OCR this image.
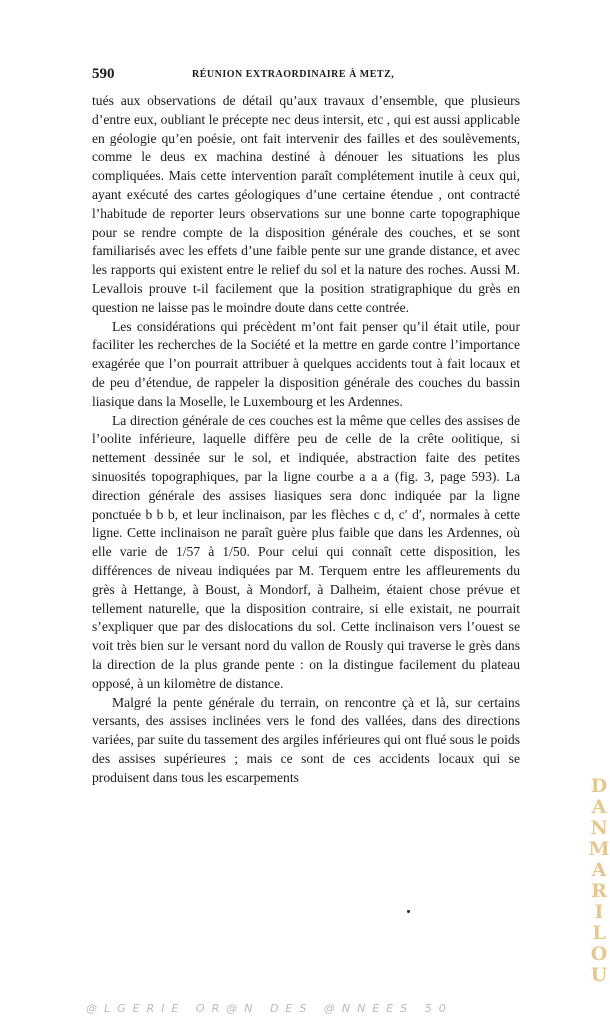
590	RÉUNION EXTRAORDINAIRE À METZ,

tués aux observations de détail qu’aux travaux d’ensemble, que plusieurs d’entre eux, oubliant le précepte nec deus intersit, etc , qui est aussi applicable en géologie qu’en poésie, ont fait intervenir des failles et des soulèvements, comme le deus ex machina destiné à dénouer les situations les plus compliquées. Mais cette intervention paraît complétement inutile à ceux qui, ayant exécuté des cartes géologiques d’une certaine étendue , ont contracté l’habitude de reporter leurs observations sur une bonne carte topographique pour se rendre compte de la disposition générale des couches, et se sont familiarisés avec les effets d’une faible pente sur une grande distance, et avec les rapports qui existent entre le relief du sol et la nature des roches. Aussi M. Levallois prouve t-il facilement que la position stratigraphique du grès en question ne laisse pas le moindre doute dans cette contrée.

Les considérations qui précèdent m’ont fait penser qu’il était utile, pour faciliter les recherches de la Société et la mettre en garde contre l’importance exagérée que l’on pourrait attribuer à quelques accidents tout à fait locaux et de peu d’étendue, de rappeler la disposition générale des couches du bassin liasique dans la Moselle, le Luxembourg et les Ardennes.

La direction générale de ces couches est la même que celles des assises de l’oolite inférieure, laquelle diffère peu de celle de la crête oolitique, si nettement dessinée sur le sol, et indiquée, abstraction faite des petites sinuosités topographiques, par la ligne courbe a a a (fig. 3, page 593). La direction générale des assises liasiques sera donc indiquée par la ligne ponctuée b b b, et leur inclinaison, par les flèches c d, c′ d′, normales à cette ligne. Cette inclinaison ne paraît guère plus faible que dans les Ardennes, où elle varie de 1/57 à 1/50. Pour celui qui connaît cette disposition, les différences de niveau indiquées par M. Terquem entre les affleurements du grès à Hettange, à Boust, à Mondorf, à Dalheim, étaient chose prévue et tellement naturelle, que la disposition contraire, si elle existait, ne pourrait s’expliquer que par des dislocations du sol. Cette inclinaison vers l’ouest se voit très bien sur le versant nord du vallon de Rously qui traverse le grès dans la direction de la plus grande pente : on la distingue facilement du plateau opposé, à un kilomètre de distance.

Malgré la pente générale du terrain, on rencontre çà et là, sur certains versants, des assises inclinées vers le fond des vallées, dans des directions variées, par suite du tassement des argiles inférieures qui ont flué sous le poids des assises supérieures ; mais ce sont de ces accidents locaux qui se produisent dans tous les escarpements	DANMARILOU
@LGERIE OR@N DES @NNEES 50
